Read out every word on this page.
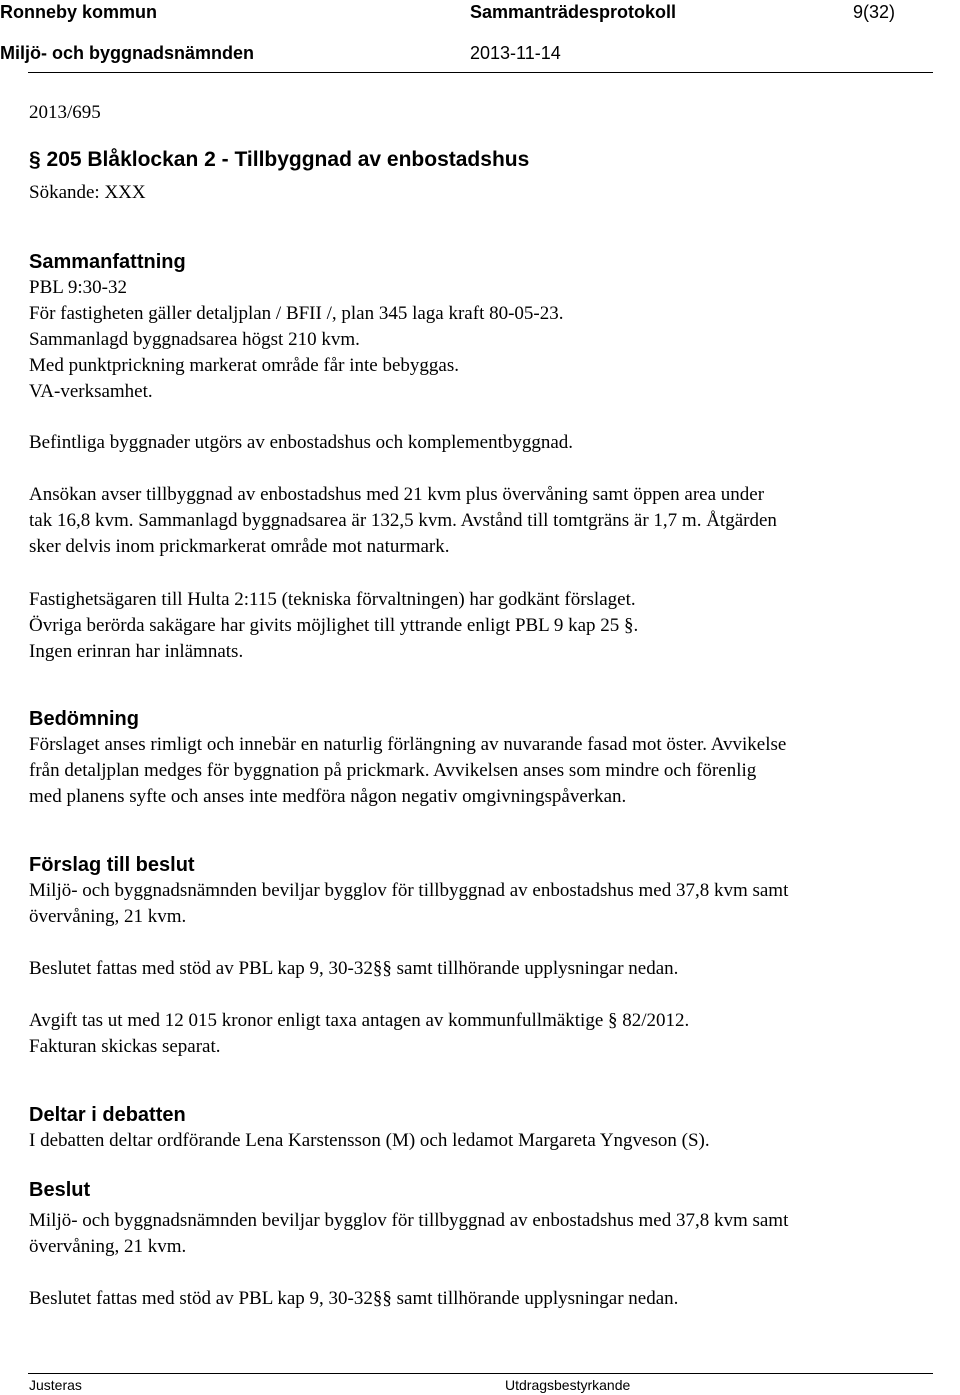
Ronneby kommun	Sammanträdesprotokoll	9(32)
Miljö- och byggnadsnämnden	2013-11-14
2013/695
§ 205 Blåklockan 2 - Tillbyggnad av enbostadshus
Sökande: XXX
Sammanfattning
PBL 9:30-32
För fastigheten gäller detaljplan / BFII /, plan 345 laga kraft 80-05-23.
Sammanlagd byggnadsarea högst 210 kvm.
Med punktprickning markerat område får inte bebyggas.
VA-verksamhet.
Befintliga byggnader utgörs av enbostadshus och komplementbyggnad.
Ansökan avser tillbyggnad av enbostadshus med 21 kvm plus övervåning samt öppen area under
tak 16,8 kvm. Sammanlagd byggnadsarea är 132,5 kvm. Avstånd till tomtgräns är 1,7 m. Åtgärden
sker delvis inom prickmarkerat område mot naturmark.
Fastighetsägaren till Hulta 2:115 (tekniska förvaltningen) har godkänt förslaget.
Övriga berörda sakägare har givits möjlighet till yttrande enligt PBL 9 kap 25 §.
Ingen erinran har inlämnats.
Bedömning
Förslaget anses rimligt och innebär en naturlig förlängning av nuvarande fasad mot öster. Avvikelse
från detaljplan medges för byggnation på prickmark. Avvikelsen anses som mindre och förenlig
med planens syfte och anses inte medföra någon negativ omgivningspåverkan.
Förslag till beslut
Miljö- och byggnadsnämnden beviljar bygglov för tillbyggnad av enbostadshus med 37,8 kvm samt
övervåning, 21 kvm.
Beslutet fattas med stöd av PBL kap 9, 30-32§§ samt tillhörande upplysningar nedan.
Avgift tas ut med 12 015 kronor enligt taxa antagen av kommunfullmäktige § 82/2012.
Fakturan skickas separat.
Deltar i debatten
I debatten deltar ordförande Lena Karstensson (M) och ledamot Margareta Yngveson (S).
Beslut
Miljö- och byggnadsnämnden beviljar bygglov för tillbyggnad av enbostadshus med 37,8 kvm samt
övervåning, 21 kvm.
Beslutet fattas med stöd av PBL kap 9, 30-32§§ samt tillhörande upplysningar nedan.
Justeras	Utdragsbestyrkande
